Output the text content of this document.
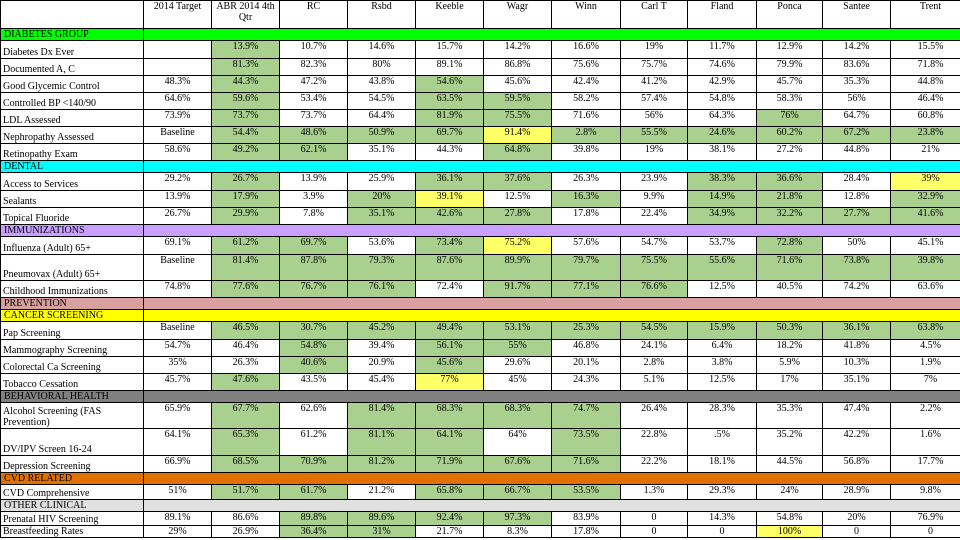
	2014 Target	ABR 2014 4th Qtr	RC	Rsbd	Keeble	Wagr	Winn	Carl T	Fland	Ponca	Santee	Trent
DIABETES GROUP												
Diabetes Dx Ever		13.9%	10.7%	14.6%	15.7%	14.2%	16.6%	19%	11.7%	12.9%	14.2%	15.5%
Documented A, C		81.3%	82.3%	80%	89.1%	86.8%	75.6%	75.7%	74.6%	79.9%	83.6%	71.8%
Good Glycemic Control	48.3%	44.3%	47.2%	43.8%	54.6%	45.6%	42.4%	41.2%	42.9%	45.7%	35.3%	44.8%
Controlled BP <140/90	64.6%	59.6%	53.4%	54.5%	63.5%	59.5%	58.2%	57.4%	54.8%	58.3%	56%	46.4%
LDL Assessed	73.9%	73.7%	73.7%	64.4%	81.9%	75.5%	71.6%	56%	64.3%	76%	64.7%	60.8%
Nephropathy Assessed	Baseline	54.4%	48.6%	50.9%	69.7%	91.4%	2.8%	55.5%	24.6%	60.2%	67.2%	23.8%
Retinopathy Exam	58.6%	49.2%	62.1%	35.1%	44.3%	64.8%	39.8%	19%	38.1%	27.2%	44.8%	21%
DENTAL												
Access to Services	29.2%	26.7%	13.9%	25.9%	36.1%	37.6%	26.3%	23.9%	38.3%	36.6%	28.4%	39%
Sealants	13.9%	17.9%	3.9%	20%	39.1%	12.5%	16.3%	9.9%	14.9%	21.8%	12.8%	32.9%
Topical Fluoride	26.7%	29.9%	7.8%	35.1%	42.6%	27.8%	17.8%	22.4%	34.9%	32.2%	27.7%	41.6%
IMMUNIZATIONS												
Influenza (Adult) 65+	69.1%	61.2%	69.7%	53.6%	73.4%	75.2%	57.6%	54.7%	53.7%	72.8%	50%	45.1%
Pneumovax (Adult) 65+	Baseline	81.4%	87.8%	79.3%	87.6%	89.9%	79.7%	75.5%	55.6%	71.6%	73.8%	39.8%
Childhood Immunizations	74.8%	77.6%	76.7%	76.1%	72.4%	91.7%	77.1%	76.6%	12.5%	40.5%	74.2%	63.6%
PREVENTION												
CANCER SCREENING												
Pap Screening	Baseline	46.5%	30.7%	45.2%	49.4%	53.1%	25.3%	54.5%	15.9%	50.3%	36.1%	63.8%
Mammography Screening	54.7%	46.4%	54.8%	39.4%	56.1%	55%	46.8%	24.1%	6.4%	18.2%	41.8%	4.5%
Colorectal Ca Screening	35%	26.3%	40.6%	20.9%	45.6%	29.6%	20.1%	2.8%	3.8%	5.9%	10.3%	1.9%
Tobacco Cessation	45.7%	47.6%	43.5%	45.4%	77%	45%	24.3%	5.1%	12.5%	17%	35.1%	7%
BEHAVIORAL HEALTH												
Alcohol Screening (FAS Prevention)	65.9%	67.7%	62.6%	81.4%	68.3%	68.3%	74.7%	26.4%	28.3%	35.3%	47.4%	2.2%
DV/IPV Screen 16-24	64.1%	65.3%	61.2%	81.1%	64.1%	64%	73.5%	22.8%	.5%	35.2%	42.2%	1.6%
Depression Screening	66.9%	68.5%	70.9%	81.2%	71.9%	67.6%	71.6%	22.2%	18.1%	44.5%	56.8%	17.7%
CVD RELATED												
CVD Comprehensive	51%	51.7%	61.7%	21.2%	65.8%	66.7%	53.5%	1.3%	29.3%	24%	28.9%	9.8%
OTHER CLINICAL												
Prenatal HIV Screening	89.1%	86.6%	89.8%	89.6%	92.4%	97.3%	83.9%	0	14.3%	54.8%	20%	76.9%
Breastfeeding Rates	29%	26.9%	36.4%	31%	21.7%	8.3%	17.8%	0	0	100%	0	0
